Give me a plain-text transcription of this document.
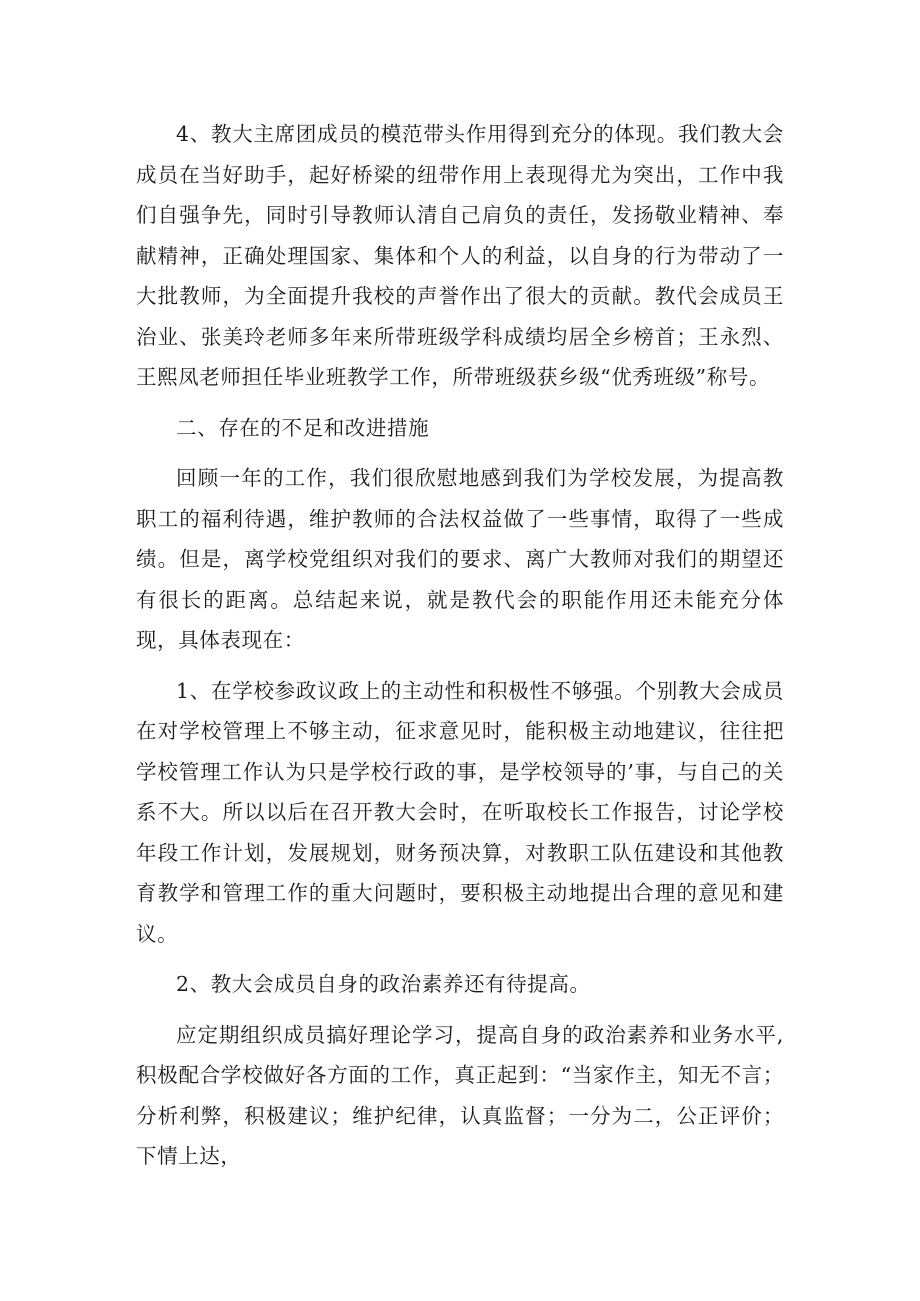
4、教大主席团成员的模范带头作用得到充分的体现。我们教大会成员在当好助手，起好桥梁的纽带作用上表现得尤为突出，工作中我们自强争先，同时引导教师认清自己肩负的责任，发扬敬业精神、奉献精神，正确处理国家、集体和个人的利益，以自身的行为带动了一大批教师，为全面提升我校的声誉作出了很大的贡献。教代会成员王治业、张美玲老师多年来所带班级学科成绩均居全乡榜首；王永烈、王熙凤老师担任毕业班教学工作，所带班级获乡级“优秀班级”称号。

二、存在的不足和改进措施

回顾一年的工作，我们很欣慰地感到我们为学校发展，为提高教职工的福利待遇，维护教师的合法权益做了一些事情，取得了一些成绩。但是，离学校党组织对我们的要求、离广大教师对我们的期望还有很长的距离。总结起来说，就是教代会的职能作用还未能充分体现，具体表现在：

1、在学校参政议政上的主动性和积极性不够强。个别教大会成员在对学校管理上不够主动，征求意见时，能积极主动地建议，往往把学校管理工作认为只是学校行政的事，是学校领导的’事，与自己的关系不大。所以以后在召开教大会时，在听取校长工作报告，讨论学校年段工作计划，发展规划，财务预决算，对教职工队伍建设和其他教育教学和管理工作的重大问题时，要积极主动地提出合理的意见和建议。

2、教大会成员自身的政治素养还有待提高。

应定期组织成员搞好理论学习，提高自身的政治素养和业务水平,积极配合学校做好各方面的工作，真正起到：“当家作主，知无不言；分析利弊，积极建议；维护纪律，认真监督；一分为二，公正评价；下情上达，
